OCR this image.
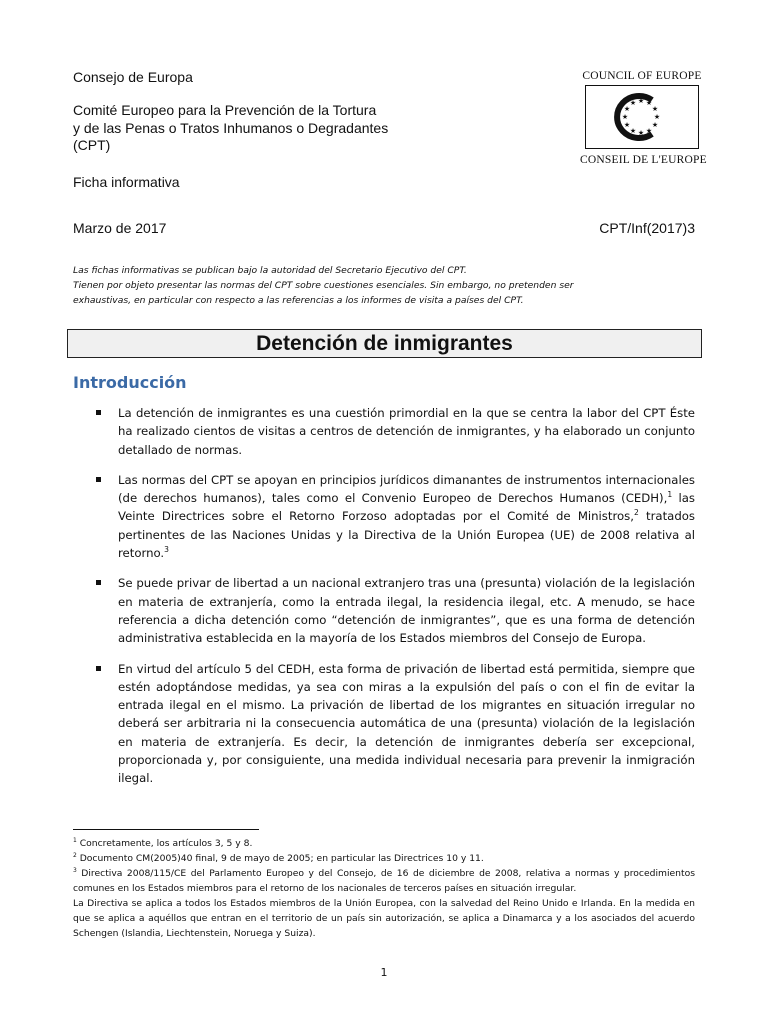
Consejo de Europa
Comité Europeo para la Prevención de la Tortura
y de las Penas o Tratos Inhumanos o Degradantes
(CPT)
Ficha informativa
Marzo de 2017	CPT/Inf(2017)3
COUNCIL OF EUROPE
★ ★
★
★
★
★
★
★
★
★
★
★
CONSEIL DE L'EUROPE
Las fichas informativas se publican bajo la autoridad del Secretario Ejecutivo del CPT.
Tienen por objeto presentar las normas del CPT sobre cuestiones esenciales. Sin embargo, no pretenden ser
exhaustivas, en particular con respecto a las referencias a los informes de visita a países del CPT.
Detención de inmigrantes
Introducción
La detención de inmigrantes es una cuestión primordial en la que se centra la labor del CPT Éste ha realizado cientos de visitas a centros de detención de inmigrantes, y ha elaborado un conjunto detallado de normas.
Las normas del CPT se apoyan en principios jurídicos dimanantes de instrumentos internacionales (de derechos humanos), tales como el Convenio Europeo de Derechos Humanos (CEDH),$^1$ las Veinte Directrices sobre el Retorno Forzoso adoptadas por el Comité de Ministros,$^2$ tratados pertinentes de las Naciones Unidas y la Directiva de la Unión Europea (UE) de 2008 relativa al retorno.$^3$
Se puede privar de libertad a un nacional extranjero tras una (presunta) violación de la legislación en materia de extranjería, como la entrada ilegal, la residencia ilegal, etc. A menudo, se hace referencia a dicha detención como “detención de inmigrantes”, que es una forma de detención administrativa establecida en la mayoría de los Estados miembros del Consejo de Europa.
En virtud del artículo 5 del CEDH, esta forma de privación de libertad está permitida, siempre que estén adoptándose medidas, ya sea con miras a la expulsión del país o con el fin de evitar la entrada ilegal en el mismo. La privación de libertad de los migrantes en situación irregular no deberá ser arbitraria ni la consecuencia automática de una (presunta) violación de la legislación en materia de extranjería. Es decir, la detención de inmigrantes debería ser excepcional, proporcionada y, por consiguiente, una medida individual necesaria para prevenir la inmigración ilegal.

$^1$ Concretamente, los artículos 3, 5 y 8.

$^2$ Documento CM(2005)40 final, 9 de mayo de 2005; en particular las Directrices 10 y 11.

$^3$ Directiva 2008/115/CE del Parlamento Europeo y del Consejo, de 16 de diciembre de 2008, relativa a normas y procedimientos comunes en los Estados miembros para el retorno de los nacionales de terceros países en situación irregular.

La Directiva se aplica a todos los Estados miembros de la Unión Europea, con la salvedad del Reino Unido e Irlanda. En la medida en que se aplica a aquéllos que entran en el territorio de un país sin autorización, se aplica a Dinamarca y a los asociados del acuerdo Schengen (Islandia, Liechtenstein, Noruega y Suiza).

1
